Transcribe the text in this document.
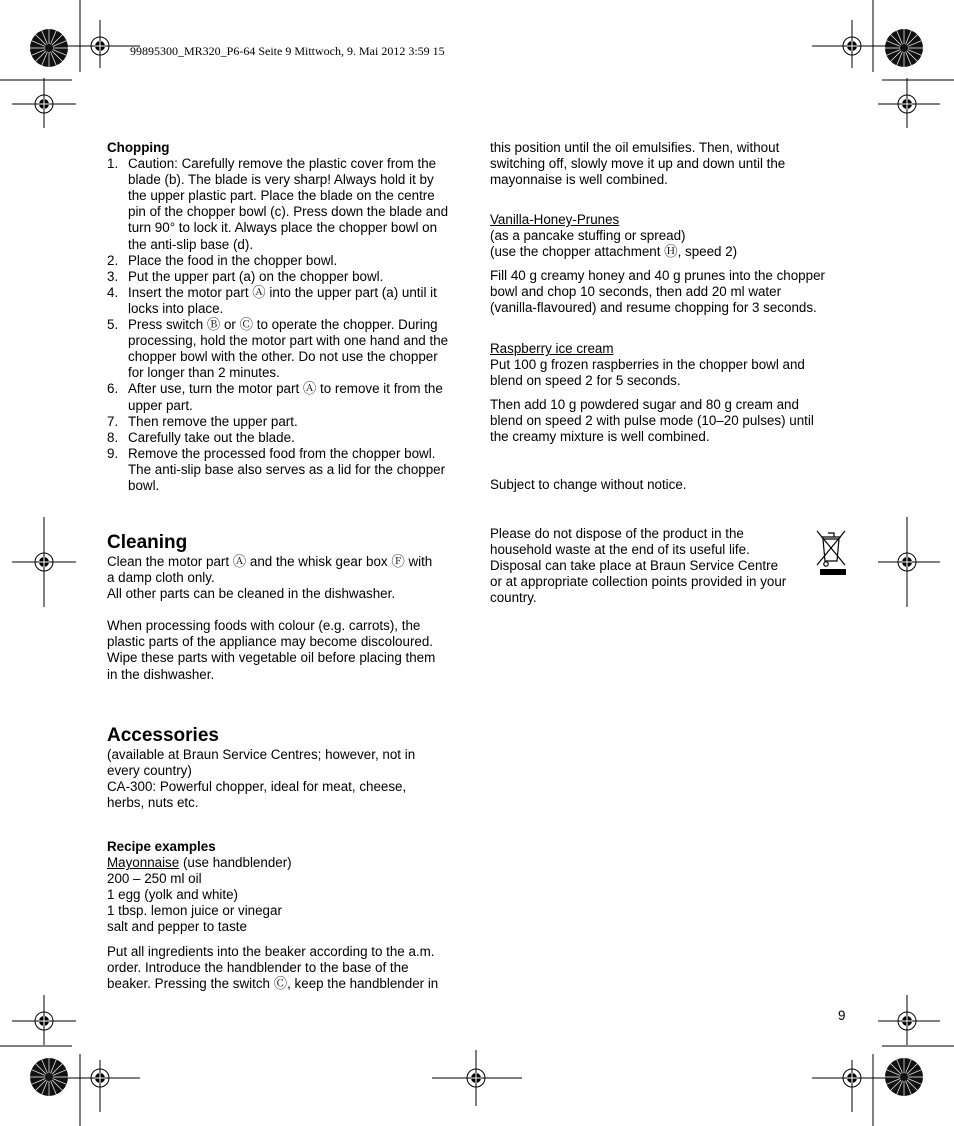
99895300_MR320_P6-64 Seite 9 Mittwoch, 9. Mai 2012 3:59 15
Chopping
1. Caution: Carefully remove the plastic cover from the
blade (b). The blade is very sharp! Always hold it by
the upper plastic part. Place the blade on the centre
pin of the chopper bowl (c). Press down the blade and
turn 90° to lock it. Always place the chopper bowl on
the anti-slip base (d).
2. Place the food in the chopper bowl.
3. Put the upper part (a) on the chopper bowl.
4. Insert the motor part Ⓐ into the upper part (a) until it
locks into place.
5. Press switch Ⓑ or Ⓒ to operate the chopper. During
processing, hold the motor part with one hand and the
chopper bowl with the other. Do not use the chopper
for longer than 2 minutes.
6. After use, turn the motor part Ⓐ to remove it from the
upper part.
7. Then remove the upper part.
8. Carefully take out the blade.
9. Remove the processed food from the chopper bowl.
The anti-slip base also serves as a lid for the chopper
bowl.
Cleaning
Clean the motor part Ⓐ and the whisk gear box Ⓕ with
a damp cloth only.
All other parts can be cleaned in the dishwasher.
When processing foods with colour (e.g. carrots), the
plastic parts of the appliance may become discoloured.
Wipe these parts with vegetable oil before placing them
in the dishwasher.
Accessories
(available at Braun Service Centres; however, not in
every country)
CA-300: Powerful chopper, ideal for meat, cheese,
herbs, nuts etc.
Recipe examples
Mayonnaise (use handblender)
200 – 250 ml oil
1 egg (yolk and white)
1 tbsp. lemon juice or vinegar
salt and pepper to taste
Put all ingredients into the beaker according to the a.m.
order. Introduce the handblender to the base of the
beaker. Pressing the switch Ⓒ, keep the handblender in
this position until the oil emulsifies. Then, without
switching off, slowly move it up and down until the
mayonnaise is well combined.
Vanilla-Honey-Prunes
(as a pancake stuffing or spread)
(use the chopper attachment Ⓗ, speed 2)
Fill 40 g creamy honey and 40 g prunes into the chopper
bowl and chop 10 seconds, then add 20 ml water
(vanilla-flavoured) and resume chopping for 3 seconds.
Raspberry ice cream
Put 100 g frozen raspberries in the chopper bowl and
blend on speed 2 for 5 seconds.
Then add 10 g powdered sugar and 80 g cream and
blend on speed 2 with pulse mode (10–20 pulses) until
the creamy mixture is well combined.
Subject to change without notice.
Please do not dispose of the product in the
household waste at the end of its useful life.
Disposal can take place at Braun Service Centre
or at appropriate collection points provided in your
country.
9
